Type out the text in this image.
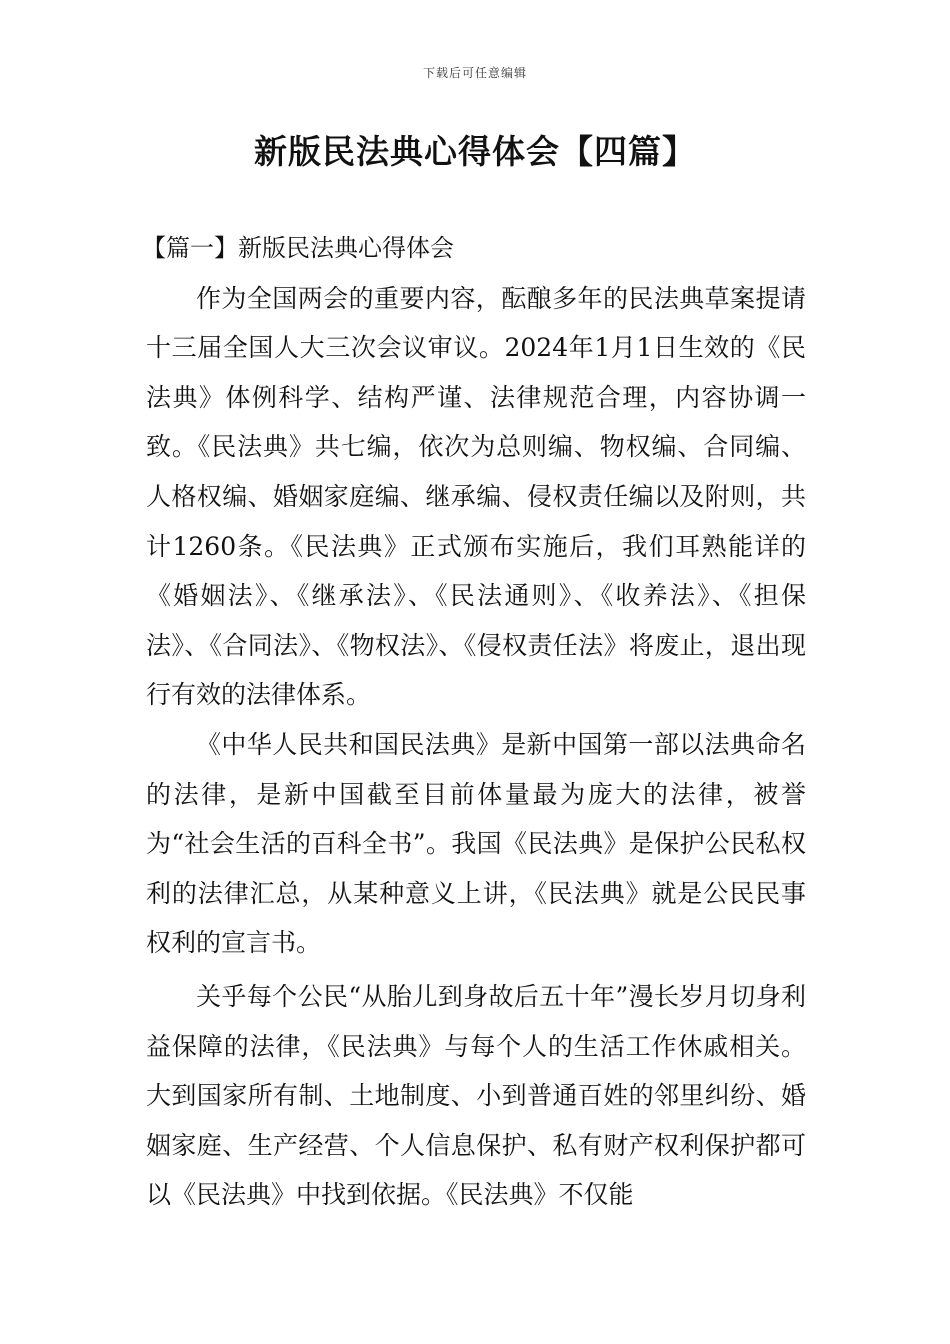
下载后可任意编辑
新版民法典心得体会【四篇】
【篇一】新版民法典心得体会

作为全国两会的重要内容，酝酿多年的民法典草案提请十三届全国人大三次会议审议。2024年1月1日生效的《民法典》体例科学、结构严谨、法律规范合理，内容协调一致。《民法典》共七编，依次为总则编、物权编、合同编、人格权编、婚姻家庭编、继承编、侵权责任编以及附则，共计1260条。《民法典》正式颁布实施后，我们耳熟能详的《婚姻法》、《继承法》、《民法通则》、《收养法》、《担保法》、《合同法》、《物权法》、《侵权责任法》将废止，退出现行有效的法律体系。

《中华人民共和国民法典》是新中国第一部以法典命名的法律，是新中国截至目前体量最为庞大的法律，被誉为“社会生活的百科全书”。我国《民法典》是保护公民私权利的法律汇总，从某种意义上讲，《民法典》就是公民民事权利的宣言书。

关乎每个公民“从胎儿到身故后五十年”漫长岁月切身利益保障的法律，《民法典》与每个人的生活工作休戚相关。大到国家所有制、土地制度、小到普通百姓的邻里纠纷、婚姻家庭、生产经营、个人信息保护、私有财产权利保护都可以《民法典》中找到依据。《民法典》不仅能
